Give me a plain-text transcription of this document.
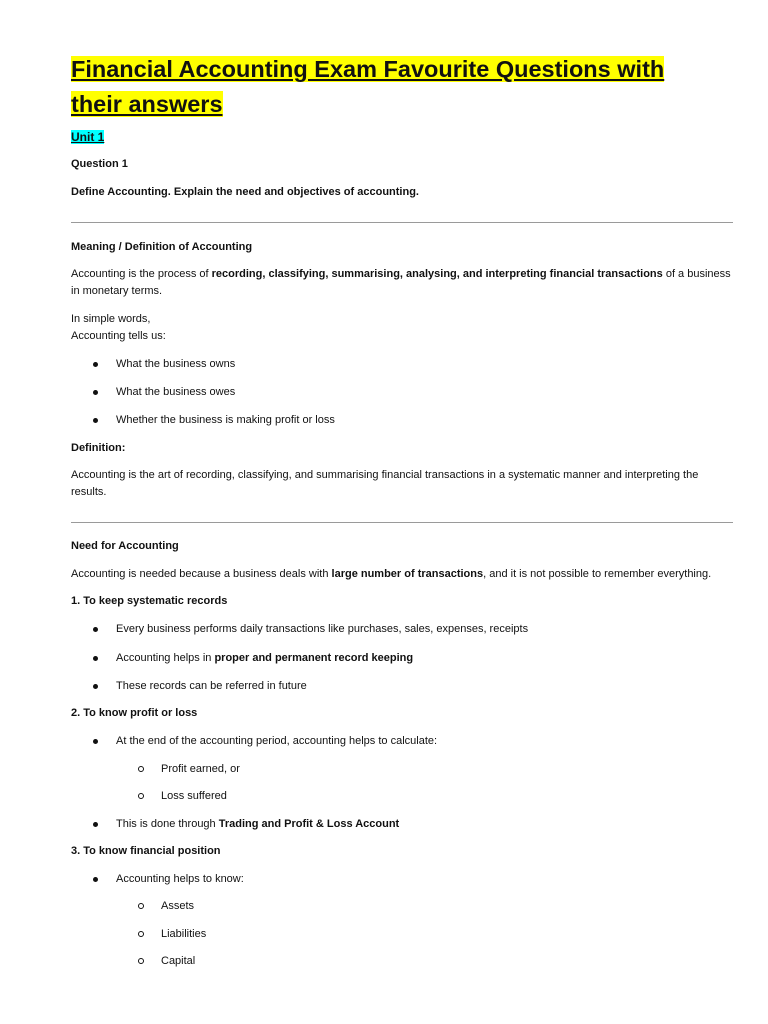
Financial Accounting Exam Favourite Questions with their answers
Unit 1
Question 1
Define Accounting. Explain the need and objectives of accounting.
Meaning / Definition of Accounting
Accounting is the process of recording, classifying, summarising, analysing, and interpreting financial transactions of a business in monetary terms.
In simple words,
Accounting tells us:
What the business owns
What the business owes
Whether the business is making profit or loss
Definition:
Accounting is the art of recording, classifying, and summarising financial transactions in a systematic manner and interpreting the results.
Need for Accounting
Accounting is needed because a business deals with large number of transactions, and it is not possible to remember everything.
1. To keep systematic records
Every business performs daily transactions like purchases, sales, expenses, receipts
Accounting helps in proper and permanent record keeping
These records can be referred in future
2. To know profit or loss
At the end of the accounting period, accounting helps to calculate:
Profit earned, or
Loss suffered
This is done through Trading and Profit & Loss Account
3. To know financial position
Accounting helps to know:
Assets
Liabilities
Capital
